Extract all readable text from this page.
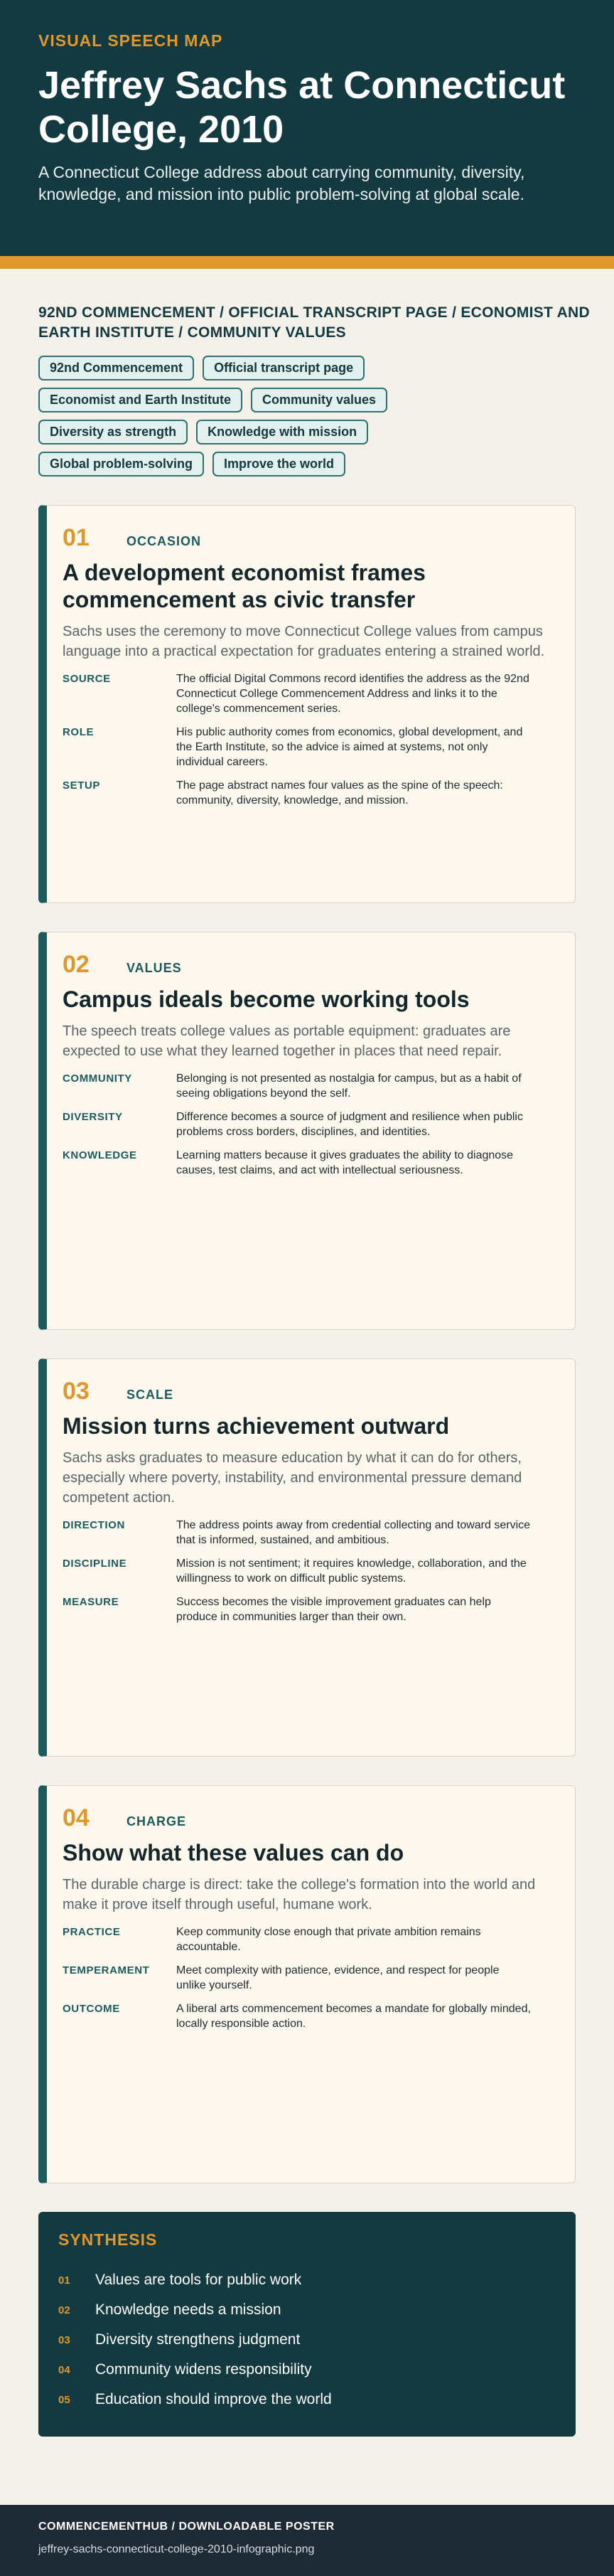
VISUAL SPEECH MAP
Jeffrey Sachs at Connecticut College, 2010

A Connecticut College address about carrying community, diversity, knowledge, and mission into public problem-solving at global scale.

92ND COMMENCEMENT / OFFICIAL TRANSCRIPT PAGE / ECONOMIST AND EARTH INSTITUTE / COMMUNITY VALUES
92nd Commencement	Official transcript page
Economist and Earth Institute	Community values
Diversity as strength	Knowledge with mission
Global problem-solving	Improve the world
01	OCCASION
A development economist frames commencement as civic transfer

Sachs uses the ceremony to move Connecticut College values from campus language into a practical expectation for graduates entering a strained world.

SOURCE	The official Digital Commons record identifies the address as the 92nd Connecticut College Commencement Address and links it to the college's commencement series.
ROLE	His public authority comes from economics, global development, and the Earth Institute, so the advice is aimed at systems, not only individual careers.
SETUP	The page abstract names four values as the spine of the speech: community, diversity, knowledge, and mission.
02	VALUES
Campus ideals become working tools

The speech treats college values as portable equipment: graduates are expected to use what they learned together in places that need repair.

COMMUNITY	Belonging is not presented as nostalgia for campus, but as a habit of seeing obligations beyond the self.
DIVERSITY	Difference becomes a source of judgment and resilience when public problems cross borders, disciplines, and identities.
KNOWLEDGE	Learning matters because it gives graduates the ability to diagnose causes, test claims, and act with intellectual seriousness.
03	SCALE
Mission turns achievement outward

Sachs asks graduates to measure education by what it can do for others, especially where poverty, instability, and environmental pressure demand competent action.

DIRECTION	The address points away from credential collecting and toward service that is informed, sustained, and ambitious.
DISCIPLINE	Mission is not sentiment; it requires knowledge, collaboration, and the willingness to work on difficult public systems.
MEASURE	Success becomes the visible improvement graduates can help produce in communities larger than their own.
04	CHARGE
Show what these values can do

The durable charge is direct: take the college's formation into the world and make it prove itself through useful, humane work.

PRACTICE	Keep community close enough that private ambition remains accountable.
TEMPERAMENT	Meet complexity with patience, evidence, and respect for people unlike yourself.
OUTCOME	A liberal arts commencement becomes a mandate for globally minded, locally responsible action.
SYNTHESIS
01	Values are tools for public work
02	Knowledge needs a mission
03	Diversity strengthens judgment
04	Community widens responsibility
05	Education should improve the world
COMMENCEMENTHUB / DOWNLOADABLE POSTER
jeffrey-sachs-connecticut-college-2010-infographic.png
